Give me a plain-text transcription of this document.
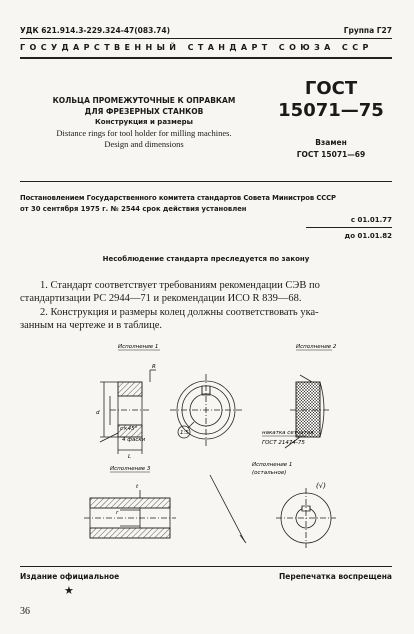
УДК 621.914.3-229.324-47(083.74)	Группа Г27
ГОСУДАРСТВЕННЫЙ СТАНДАРТ СОЮЗА ССР
КОЛЬЦА ПРОМЕЖУТОЧНЫЕ К ОПРАВКАМ
ДЛЯ ФРЕЗЕРНЫХ СТАНКОВ
Конструкция и размеры
Distance rings for tool holder for milling machines.
Design and dimensions
ГОСТ
15071—75
Взамен
ГОСТ 15071—69
Постановлением Государственного комитета стандартов Совета Министров СССР
от 30 сентября 1975 г. № 2544 срок действия установлен
с 01.01.77
до 01.01.82
Несоблюдение стандарта преследуется по закону
1. Стандарт соответствует требованиям рекомендации СЭВ по
стандартизации РС 2944—71 и рекомендации ИСО R 839—68.
2. Конструкция и размеры колец должны соответствовать ука-
занным на чертеже и в таблице.
Исполнение 1	Исполнение 2
Исполнение 3
R
c×45°
d
4 фаски
L
1:5
r
t
накатка сетчатая
ГОСТ 21474-75
Исполнение 1
(остальное)
(√)
Издание официальное	Перепечатка воспрещена
★
36
